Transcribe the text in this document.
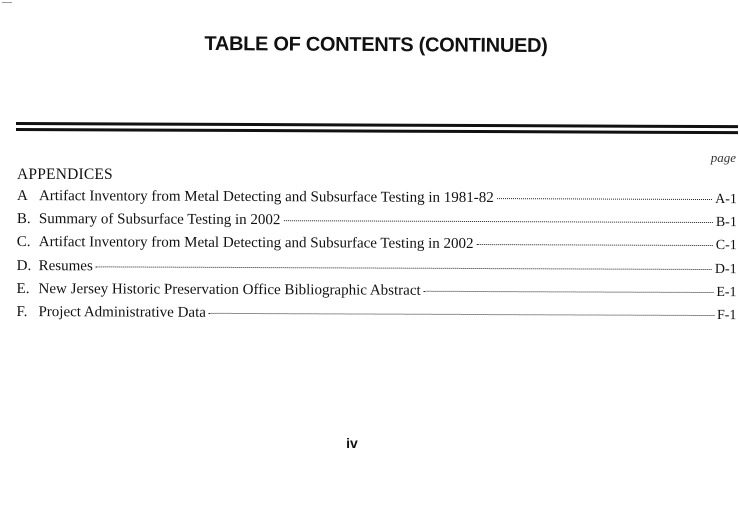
TABLE OF CONTENTS (CONTINUED)
page
APPENDICES
A Artifact Inventory from Metal Detecting and Subsurface Testing in 1981-82	A-1
B. Summary of Subsurface Testing in 2002	B-1
C. Artifact Inventory from Metal Detecting and Subsurface Testing in 2002	C-1
D. Resumes	D-1
E. New Jersey Historic Preservation Office Bibliographic Abstract	E-1
F. Project Administrative Data	F-1
iv
